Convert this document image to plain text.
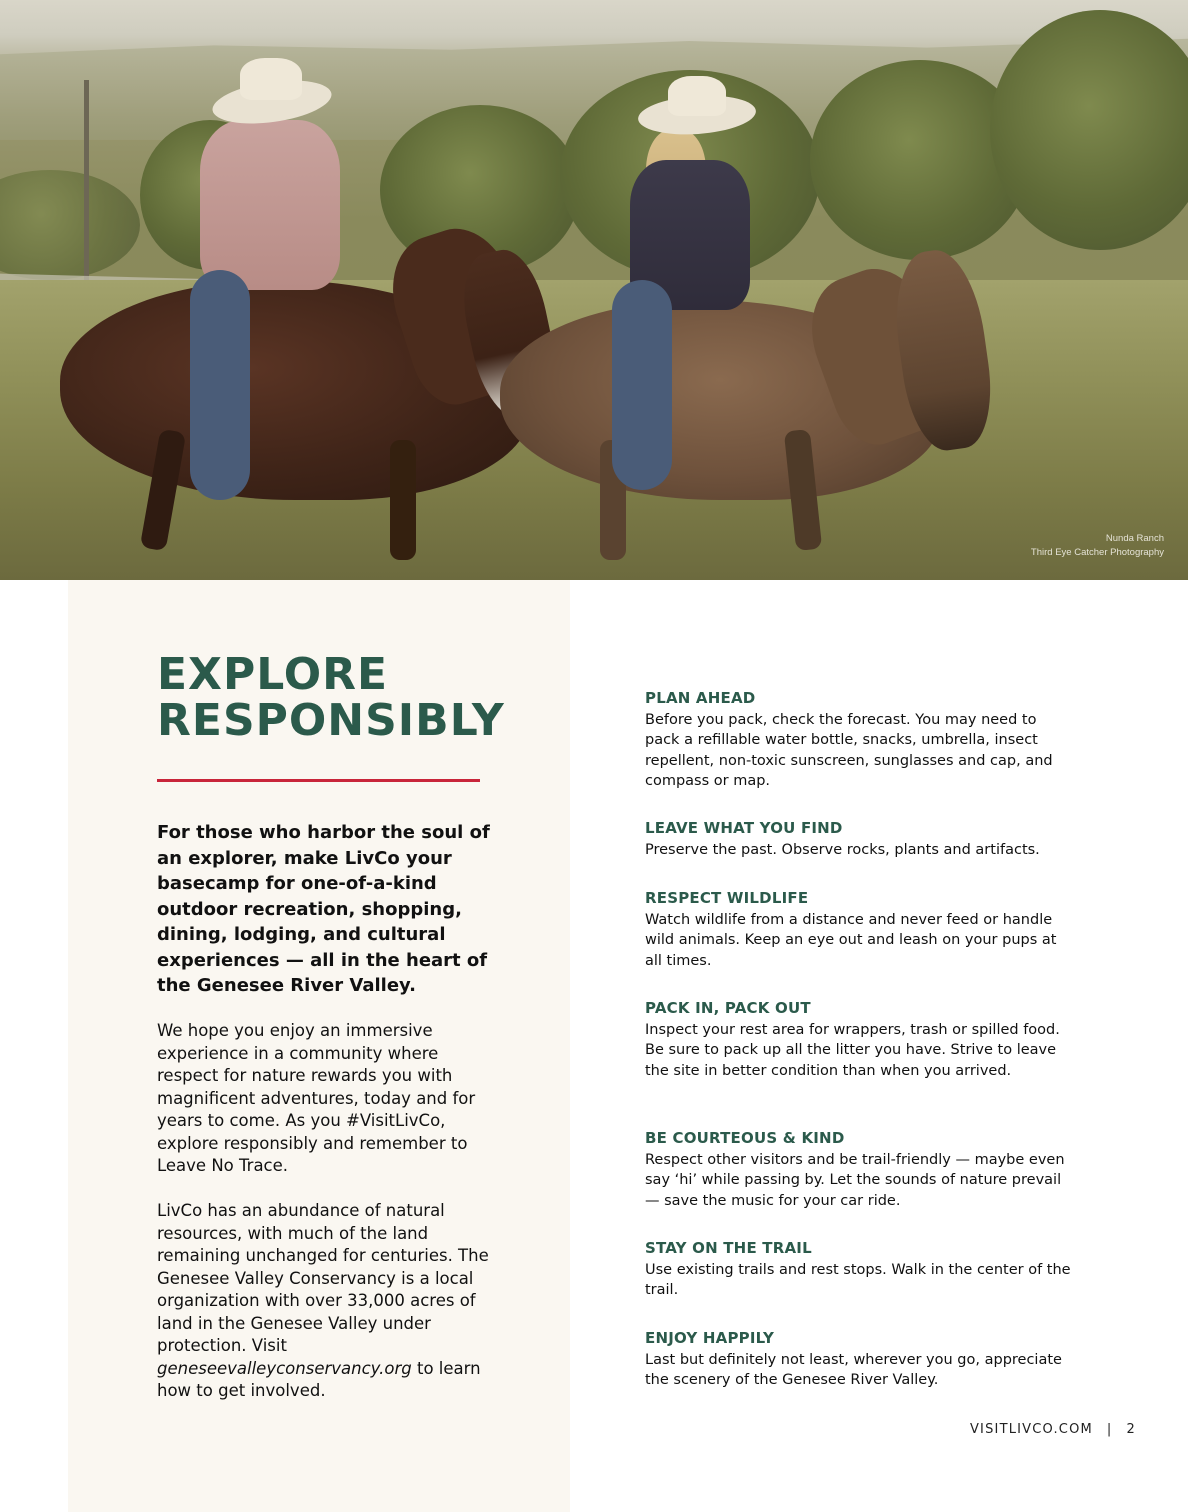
Nunda Ranch
Third Eye Catcher Photography
EXPLORE
RESPONSIBLY

For those who harbor the soul of an explorer, make LivCo your basecamp for one-of-a-kind outdoor recreation, shopping, dining, lodging, and cultural experiences — all in the heart of the Genesee River Valley.

We hope you enjoy an immersive experience in a community where respect for nature rewards you with magnificent adventures, today and for years to come. As you #VisitLivCo, explore responsibly and remember to Leave No Trace.

LivCo has an abundance of natural resources, with much of the land remaining unchanged for centuries. The Genesee Valley Conservancy is a local organization with over 33,000 acres of land in the Genesee Valley under protection. Visit geneseevalleyconservancy.org to learn how to get involved.

PLAN AHEAD
Before you pack, check the forecast. You may need to pack a refillable water bottle, snacks, umbrella, insect repellent, non-toxic sunscreen, sunglasses and cap, and compass or map.
LEAVE WHAT YOU FIND
Preserve the past. Observe rocks, plants and artifacts.
RESPECT WILDLIFE
Watch wildlife from a distance and never feed or handle wild animals. Keep an eye out and leash on your pups at all times.
PACK IN, PACK OUT
Inspect your rest area for wrappers, trash or spilled food. Be sure to pack up all the litter you have. Strive to leave the site in better condition than when you arrived.
BE COURTEOUS & KIND
Respect other visitors and be trail-friendly — maybe even say ‘hi’ while passing by. Let the sounds of nature prevail — save the music for your car ride.
STAY ON THE TRAIL
Use existing trails and rest stops. Walk in the center of the trail.
ENJOY HAPPILY
Last but definitely not least, wherever you go, appreciate the scenery of the Genesee River Valley.
VISITLIVCO.COM | 2
